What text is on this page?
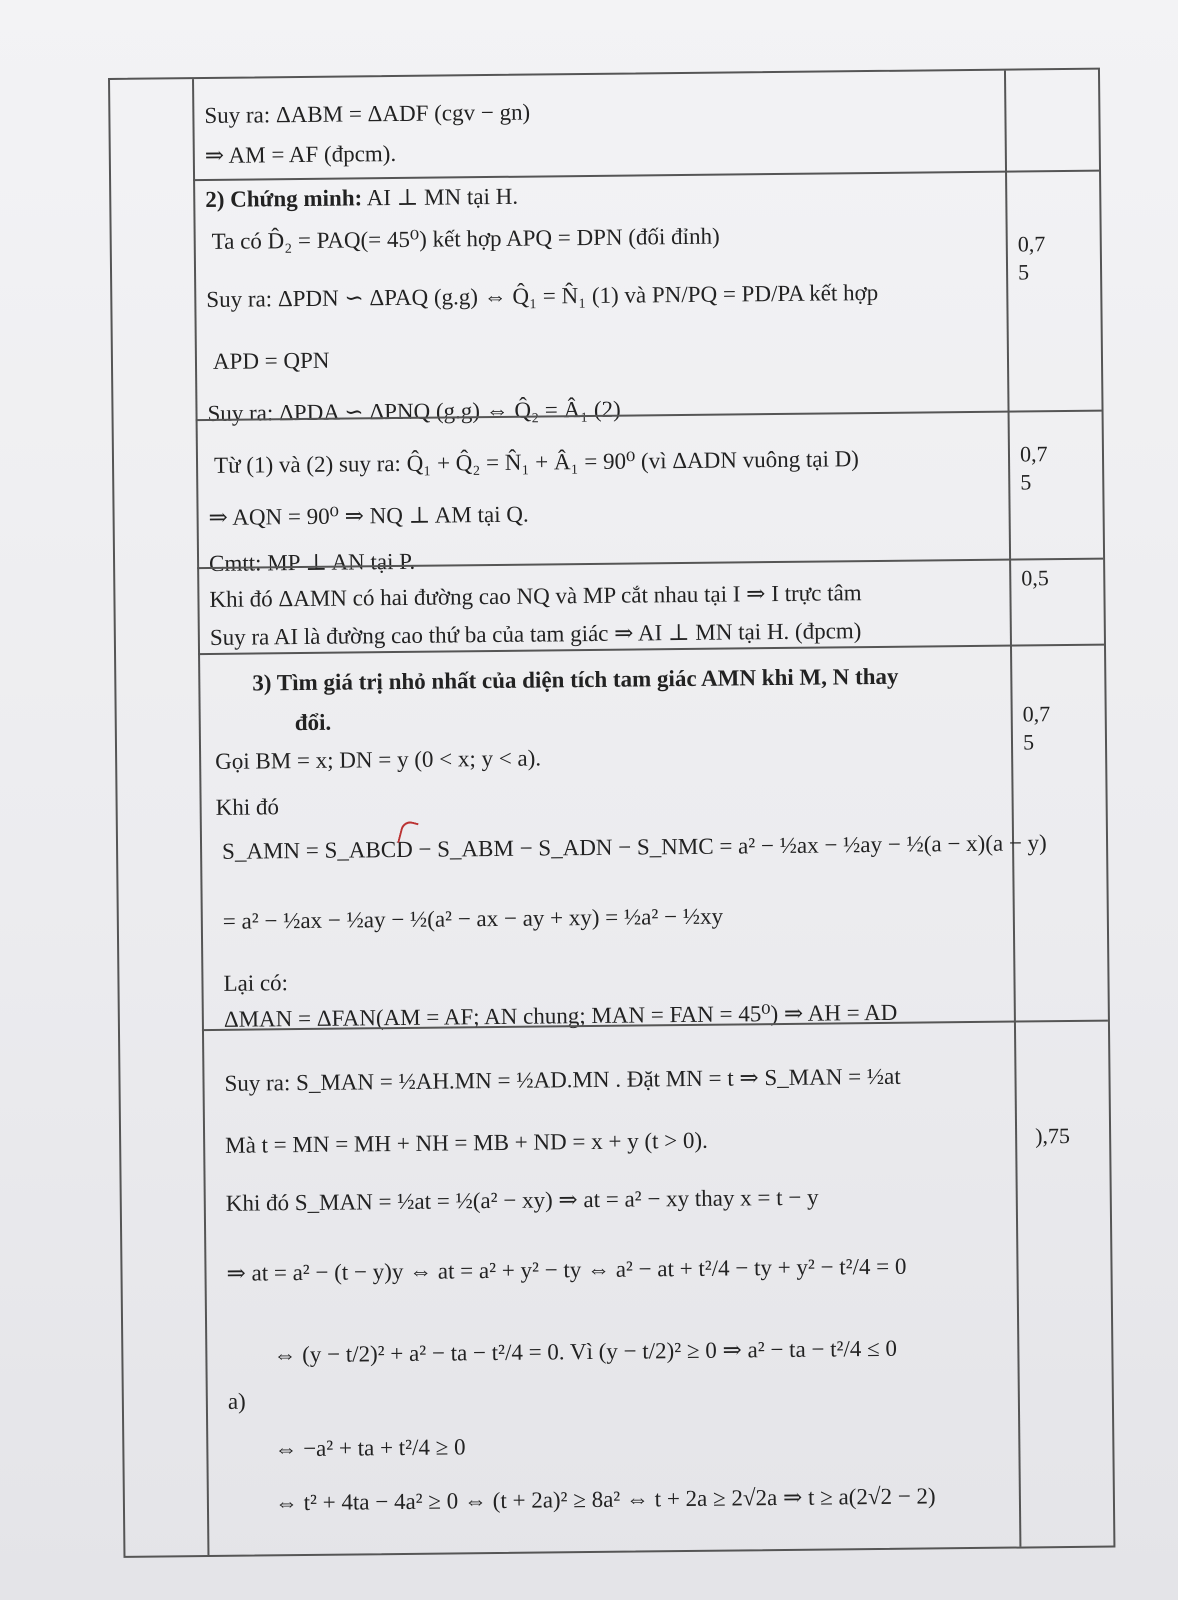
Suy ra: ΔABM = ΔADF (cgv − gn)
⇒ AM = AF (đpcm).
2) Chứng minh: AI ⊥ MN tại H.
Ta có D̂₂ = PAQ(= 45⁰) kết hợp APQ = DPN (đối đỉnh)
Suy ra: ΔPDN ∽ ΔPAQ (g.g) ⇔ Q̂₁ = N̂₁ (1) và PN/PQ = PD/PA kết hợp
APD = QPN
Suy ra: ΔPDA ∽ ΔPNQ (g.g) ⇔ Q̂₂ = Â₁ (2)
0,7
5
Từ (1) và (2) suy ra: Q̂₁ + Q̂₂ = N̂₁ + Â₁ = 90⁰ (vì ΔADN vuông tại D)
⇒ AQN = 90⁰ ⇒ NQ ⊥ AM tại Q.
Cmtt: MP ⊥ AN tại P.
0,7
5
Khi đó ΔAMN có hai đường cao NQ và MP cắt nhau tại I ⇒ I trực tâm
Suy ra AI là đường cao thứ ba của tam giác ⇒ AI ⊥ MN tại H. (đpcm)
0,5
3) Tìm giá trị nhỏ nhất của diện tích tam giác AMN khi M, N thay
đổi.
Gọi BM = x; DN = y (0 < x; y < a).
Khi đó
S_AMN = S_ABCD − S_ABM − S_ADN − S_NMC = a² − ½ax − ½ay − ½(a − x)(a − y)
= a² − ½ax − ½ay − ½(a² − ax − ay + xy) = ½a² − ½xy
Lại có:
ΔMAN = ΔFAN(AM = AF; AN chung; MAN = FAN = 45⁰) ⇒ AH = AD
0,7
5
Suy ra: S_MAN = ½AH.MN = ½AD.MN . Đặt MN = t ⇒ S_MAN = ½at
Mà t = MN = MH + NH = MB + ND = x + y (t > 0).
Khi đó S_MAN = ½at = ½(a² − xy) ⇒ at = a² − xy thay x = t − y
⇒ at = a² − (t − y)y ⇔ at = a² + y² − ty ⇔ a² − at + t²/4 − ty + y² − t²/4 = 0
⇔ (y − t/2)² + a² − ta − t²/4 = 0. Vì (y − t/2)² ≥ 0 ⇒ a² − ta − t²/4 ≤ 0
a)
⇔ −a² + ta + t²/4 ≥ 0
⇔ t² + 4ta − 4a² ≥ 0 ⇔ (t + 2a)² ≥ 8a² ⇔ t + 2a ≥ 2√2a ⇒ t ≥ a(2√2 − 2)
),75
